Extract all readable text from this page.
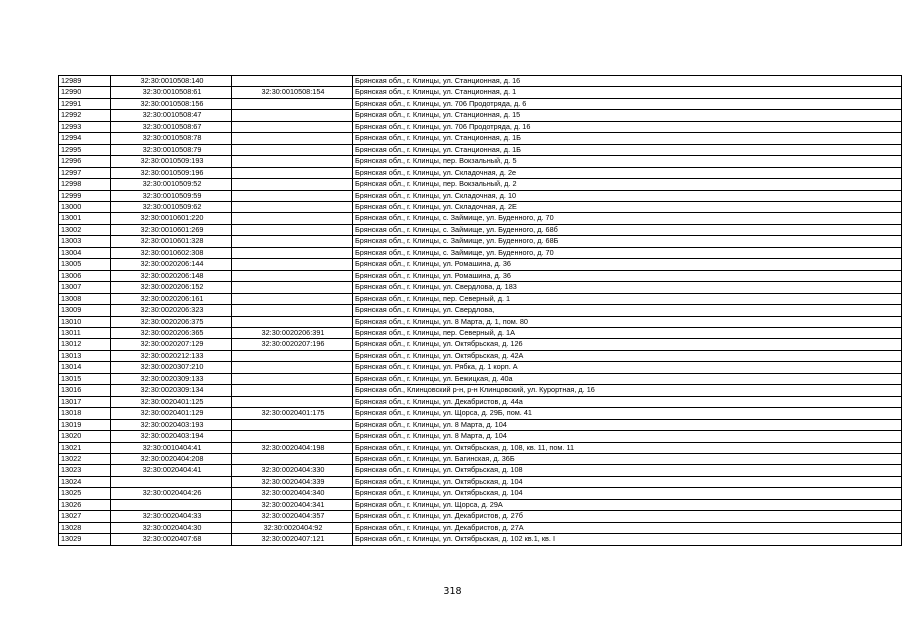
12989	32:30:0010508:140		Брянская обл., г. Клинцы, ул. Станционная, д. 16
12990	32:30:0010508:61	32:30:0010508:154	Брянская обл., г. Клинцы, ул. Станционная, д. 1
12991	32:30:0010508:156		Брянская обл., г. Клинцы, ул. 706 Продотряда, д. 6
12992	32:30:0010508:47		Брянская обл., г. Клинцы, ул. Станционная, д. 15
12993	32:30:0010508:67		Брянская обл., г. Клинцы, ул. 706 Продотряда, д. 16
12994	32:30:0010508:78		Брянская обл., г. Клинцы, ул. Станционная, д. 1Б
12995	32:30:0010508:79		Брянская обл., г. Клинцы, ул. Станционная, д. 1Б
12996	32:30:0010509:193		Брянская обл., г. Клинцы, пер. Вокзальный, д. 5
12997	32:30:0010509:196		Брянская обл., г. Клинцы, ул. Складочная, д. 2е
12998	32:30:0010509:52		Брянская обл., г. Клинцы, пер. Вокзальный, д. 2
12999	32:30:0010509:59		Брянская обл., г. Клинцы, ул. Складочная, д. 10
13000	32:30:0010509:62		Брянская обл., г. Клинцы, ул. Складочная, д. 2Е
13001	32:30:0010601:220		Брянская обл., г. Клинцы, с. Займище, ул. Буденного, д. 70
13002	32:30:0010601:269		Брянская обл., г. Клинцы, с. Займище, ул. Буденного, д. 68б
13003	32:30:0010601:328		Брянская обл., г. Клинцы, с. Займище, ул. Буденного, д. 68Б
13004	32:30:0010602:308		Брянская обл., г. Клинцы, с. Займище, ул. Буденного, д. 70
13005	32:30:0020206:144		Брянская обл., г. Клинцы, ул. Ромашина, д. 36
13006	32:30:0020206:148		Брянская обл., г. Клинцы, ул. Ромашина, д. 36
13007	32:30:0020206:152		Брянская обл., г. Клинцы, ул. Свердлова, д. 183
13008	32:30:0020206:161		Брянская обл., г. Клинцы, пер. Северный, д. 1
13009	32:30:0020206:323		Брянская обл., г. Клинцы, ул. Свердлова,
13010	32:30:0020206:375		Брянская обл., г. Клинцы, ул. 8 Марта, д. 1, пом. 80
13011	32:30:0020206:365	32:30:0020206:391	Брянская обл., г. Клинцы, пер. Северный, д. 1А
13012	32:30:0020207:129	32:30:0020207:196	Брянская обл., г. Клинцы, ул. Октябрьская, д. 126
13013	32:30:0020212:133		Брянская обл., г. Клинцы, ул. Октябрьская, д. 42А
13014	32:30:0020307:210		Брянская обл., г. Клинцы, ул. Рябка, д. 1 корп. А
13015	32:30:0020309:133		Брянская обл., г. Клинцы, ул. Бежицкая, д. 40а
13016	32:30:0020309:134		Брянская обл., Клинцовский р-н, р-н Клинцовский, ул. Курортная, д. 16
13017	32:30:0020401:125		Брянская обл., г. Клинцы, ул. Декабристов, д. 44а
13018	32:30:0020401:129	32:30:0020401:175	Брянская обл., г. Клинцы, ул. Щорса, д. 29Б, пом. 41
13019	32:30:0020403:193		Брянская обл., г. Клинцы, ул. 8 Марта, д. 104
13020	32:30:0020403:194		Брянская обл., г. Клинцы, ул. 8 Марта, д. 104
13021	32:30:0010404:41	32:30:0020404:198	Брянская обл., г. Клинцы, ул. Октябрьская, д. 108, кв. 11, пом. 11
13022	32:30:0020404:208		Брянская обл., г. Клинцы, ул. Багинская, д. 36Б
13023	32:30:0020404:41	32:30:0020404:330	Брянская обл., г. Клинцы, ул. Октябрьская, д. 108
13024		32:30:0020404:339	Брянская обл., г. Клинцы, ул. Октябрьская, д. 104
13025	32:30:0020404:26	32:30:0020404:340	Брянская обл., г. Клинцы, ул. Октябрьская, д. 104
13026		32:30:0020404:341	Брянская обл., г. Клинцы, ул. Щорса, д. 29А
13027	32:30:0020404:33	32:30:0020404:357	Брянская обл., г. Клинцы, ул. Декабристов, д. 27б
13028	32:30:0020404:30	32:30:0020404:92	Брянская обл., г. Клинцы, ул. Декабристов, д. 27А
13029	32:30:0020407:68	32:30:0020407:121	Брянская обл., г. Клинцы, ул. Октябрьская, д. 102 кв.1, кв. I
318
